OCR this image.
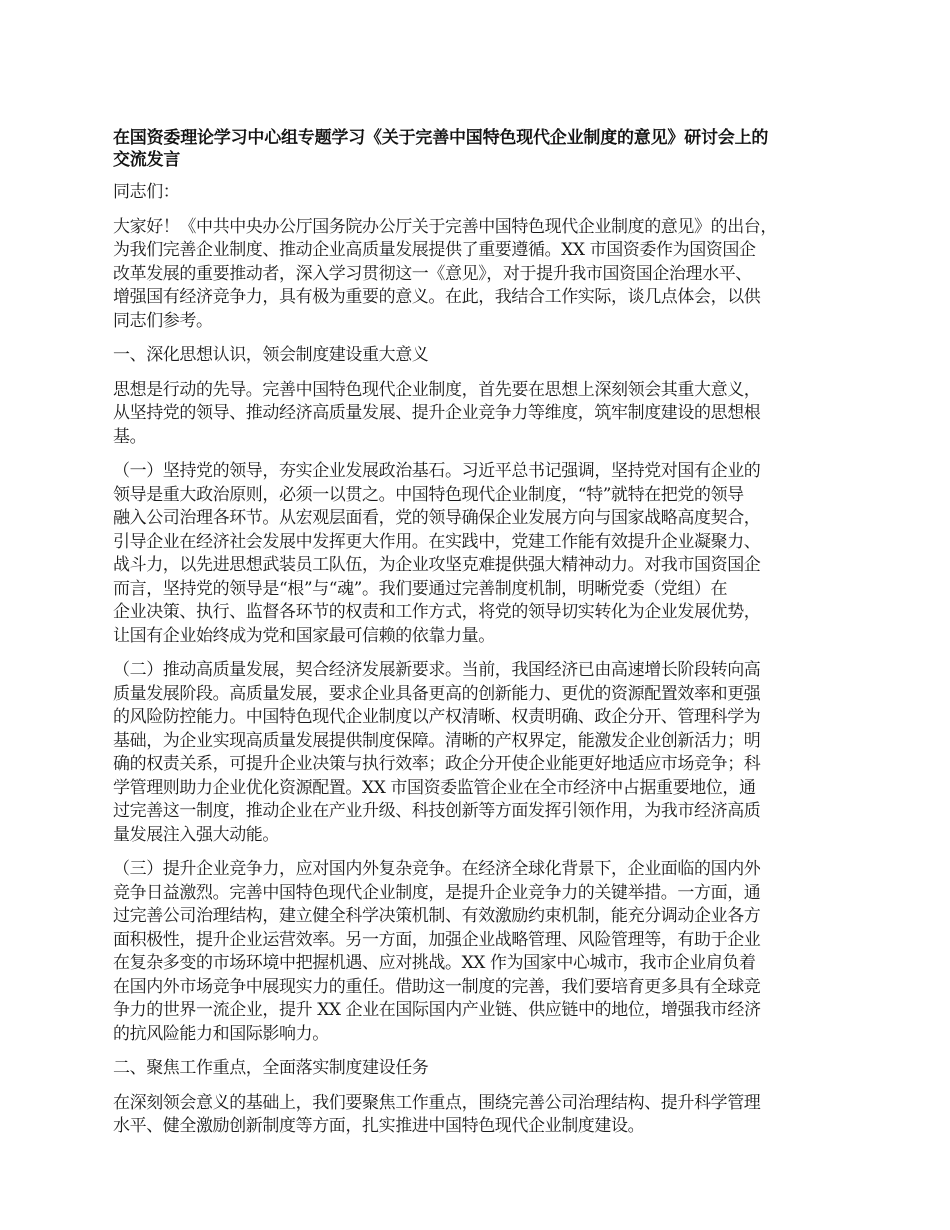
在国资委理论学习中心组专题学习《关于完善中国特色现代企业制度的意见》研讨会上的
交流发言

同志们：

大家好！《中共中央办公厅国务院办公厅关于完善中国特色现代企业制度的意见》的出台，
为我们完善企业制度、推动企业高质量发展提供了重要遵循。XX 市国资委作为国资国企
改革发展的重要推动者，深入学习贯彻这一《意见》，对于提升我市国资国企治理水平、
增强国有经济竞争力，具有极为重要的意义。在此，我结合工作实际，谈几点体会，以供
同志们参考。

一、深化思想认识，领会制度建设重大意义

思想是行动的先导。完善中国特色现代企业制度，首先要在思想上深刻领会其重大意义，
从坚持党的领导、推动经济高质量发展、提升企业竞争力等维度，筑牢制度建设的思想根
基。

（一）坚持党的领导，夯实企业发展政治基石。习近平总书记强调，坚持党对国有企业的
领导是重大政治原则，必须一以贯之。中国特色现代企业制度，“特”就特在把党的领导
融入公司治理各环节。从宏观层面看，党的领导确保企业发展方向与国家战略高度契合，
引导企业在经济社会发展中发挥更大作用。在实践中，党建工作能有效提升企业凝聚力、
战斗力，以先进思想武装员工队伍，为企业攻坚克难提供强大精神动力。对我市国资国企
而言，坚持党的领导是“根”与“魂”。我们要通过完善制度机制，明晰党委（党组）在
企业决策、执行、监督各环节的权责和工作方式，将党的领导切实转化为企业发展优势，
让国有企业始终成为党和国家最可信赖的依靠力量。

（二）推动高质量发展，契合经济发展新要求。当前，我国经济已由高速增长阶段转向高
质量发展阶段。高质量发展，要求企业具备更高的创新能力、更优的资源配置效率和更强
的风险防控能力。中国特色现代企业制度以产权清晰、权责明确、政企分开、管理科学为
基础，为企业实现高质量发展提供制度保障。清晰的产权界定，能激发企业创新活力；明
确的权责关系，可提升企业决策与执行效率；政企分开使企业能更好地适应市场竞争；科
学管理则助力企业优化资源配置。XX 市国资委监管企业在全市经济中占据重要地位，通
过完善这一制度，推动企业在产业升级、科技创新等方面发挥引领作用，为我市经济高质
量发展注入强大动能。

（三）提升企业竞争力，应对国内外复杂竞争。在经济全球化背景下，企业面临的国内外
竞争日益激烈。完善中国特色现代企业制度，是提升企业竞争力的关键举措。一方面，通
过完善公司治理结构，建立健全科学决策机制、有效激励约束机制，能充分调动企业各方
面积极性，提升企业运营效率。另一方面，加强企业战略管理、风险管理等，有助于企业
在复杂多变的市场环境中把握机遇、应对挑战。XX 作为国家中心城市，我市企业肩负着
在国内外市场竞争中展现实力的重任。借助这一制度的完善，我们要培育更多具有全球竞
争力的世界一流企业，提升 XX 企业在国际国内产业链、供应链中的地位，增强我市经济
的抗风险能力和国际影响力。

二、聚焦工作重点，全面落实制度建设任务

在深刻领会意义的基础上，我们要聚焦工作重点，围绕完善公司治理结构、提升科学管理
水平、健全激励创新制度等方面，扎实推进中国特色现代企业制度建设。
